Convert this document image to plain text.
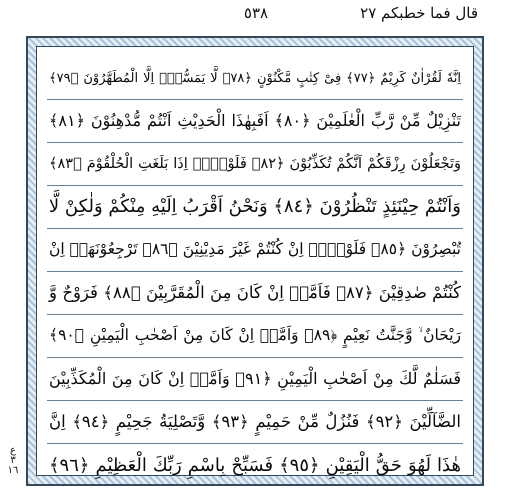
قال فما خطبكم ٢٧
٥٣٨
اِنَّهٗ لَقُرْاٰنٌ كَرِيْمٌ ﴿٧٧﴾ فِىْ كِتٰبٍ مَّكْنُوْنٍ ﴿٧٨﴾ لَّا يَمَسُّهٗۤ اِلَّا الْمُطَهَّرُوْنَ ﴿٧٩﴾
تَنْزِيْلٌ مِّنْ رَّبِّ الْعٰلَمِيْنَ ﴿٨٠﴾ اَفَبِهٰذَا الْحَدِيْثِ اَنْتُمْ مُّدْهِنُوْنَ ﴿٨١﴾
وَتَجْعَلُوْنَ رِزْقَكُمْ اَنَّكُمْ تُكَذِّبُوْنَ ﴿٨٢﴾ فَلَوْلَاۤ اِذَا بَلَغَتِ الْحُلْقُوْمَ ﴿٨٣﴾
وَاَنْتُمْ حِيْنَئِذٍ تَنْظُرُوْنَ ﴿٨٤﴾ وَنَحْنُ اَقْرَبُ اِلَيْهِ مِنْكُمْ وَلٰكِنْ لَّا
تُبْصِرُوْنَ ﴿٨٥﴾ فَلَوْلَاۤ اِنْ كُنْتُمْ غَيْرَ مَدِيْنِيْنَ ﴿٨٦﴾ تَرْجِعُوْنَهَاۤ اِنْ
كُنْتُمْ صٰدِقِيْنَ ﴿٨٧﴾ فَاَمَّاۤ اِنْ كَانَ مِنَ الْمُقَرَّبِيْنَ ﴿٨٨﴾ فَرَوْحٌ وَّ
رَيْحَانٌ ۙ وَّجَنَّتُ نَعِيْمٍ ﴿٨٩﴾ وَاَمَّاۤ اِنْ كَانَ مِنْ اَصْحٰبِ الْيَمِيْنِ ﴿٩٠﴾
فَسَلٰمٌ لَّكَ مِنْ اَصْحٰبِ الْيَمِيْنِ ﴿٩١﴾ وَاَمَّاۤ اِنْ كَانَ مِنَ الْمُكَذِّبِيْنَ
الضَّآلِّيْنَ ﴿٩٢﴾ فَنُزُلٌ مِّنْ حَمِيْمٍ ﴿٩٣﴾ وَّتَصْلِيَةُ جَحِيْمٍ ﴿٩٤﴾ اِنَّ
هٰذَا لَهُوَ حَقُّ الْيَقِيْنِ ﴿٩٥﴾ فَسَبِّحْ بِاسْمِ رَبِّكَ الْعَظِيْمِ ﴿٩٦﴾
ع
٣
١٦
